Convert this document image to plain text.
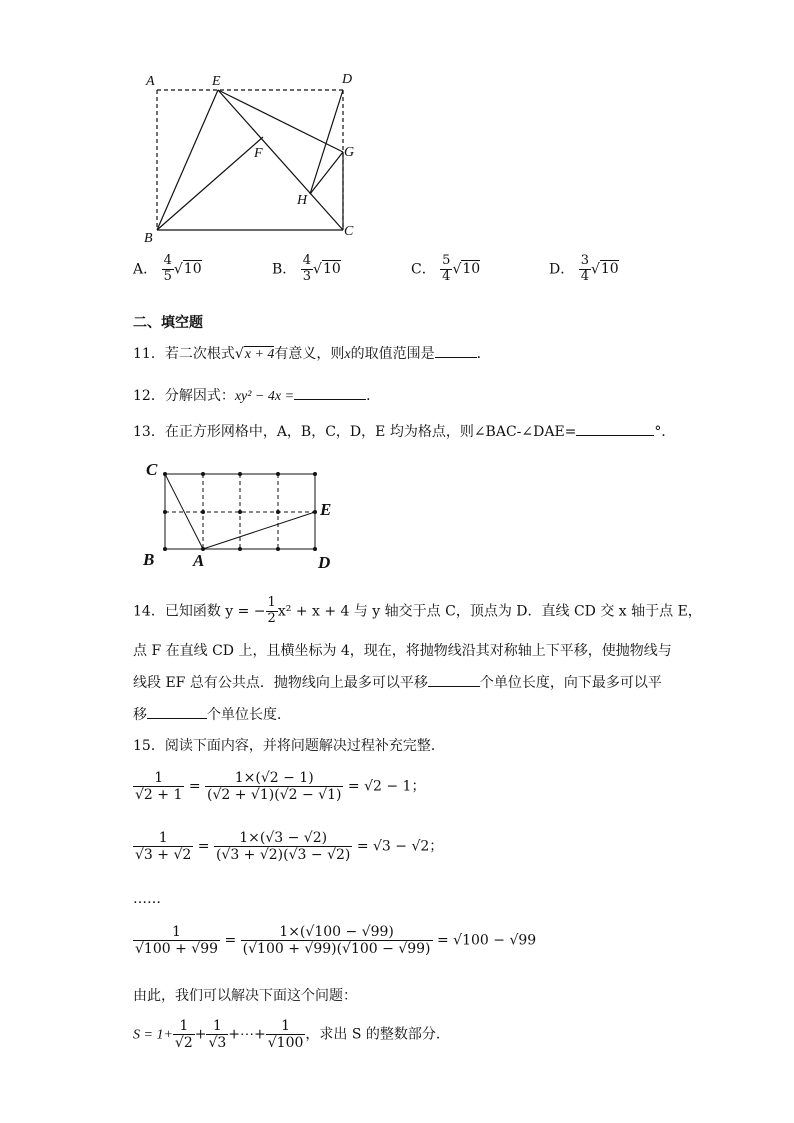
A	E	D
F	G
H
B	C
A． $\frac{4}{5} √10$	B． $\frac{4}{3} √10$	C． $\frac{5}{4} √10$	D． $\frac{3}{4} √10$
二、填空题
11．若二次根式√x + 4有意义，则x的取值范围是	．
12．分解因式：xy² − 4x =	．
13．在正方形网格中，A，B，C，D，E 均为格点，则∠BAC-∠DAE=	°．
C
E
B A	D
14．已知函数 y = − $\frac{1}{2} x^2 + x + 4$ 与 y 轴交于点 C，顶点为 D．直线 CD 交 x 轴于点 E，
点 F 在直线 CD 上，且横坐标为 4，现在，将抛物线沿其对称轴上下平移，使抛物线与
线段 EF 总有公共点．抛物线向上最多可以平移	个单位长度，向下最多可以平
移	个单位长度．
15．阅读下面内容，并将问题解决过程补充完整．
$\frac{1}{√2 + 1} = \frac{1\times(√2 - 1)}{(√2 + √1)(√2 - √1)} = √2 - 1$；
$\frac{1}{√3 + √2} = \frac{1\times(√3 - √2)}{(√3 + √2)(√3 - √2)} = √3 - √2$；
……
$\frac{1}{√100 + √99} = \frac{1\times(√100 - √99)}{(√100 + √99)(√100 - √99)} = √100 - √99$
由此，我们可以解决下面这个问题：
$S = 1+ \frac{1}{√2} + \frac{1}{√3}$ +⋯+ $\frac{1}{√100}$ ，求出 S 的整数部分．
